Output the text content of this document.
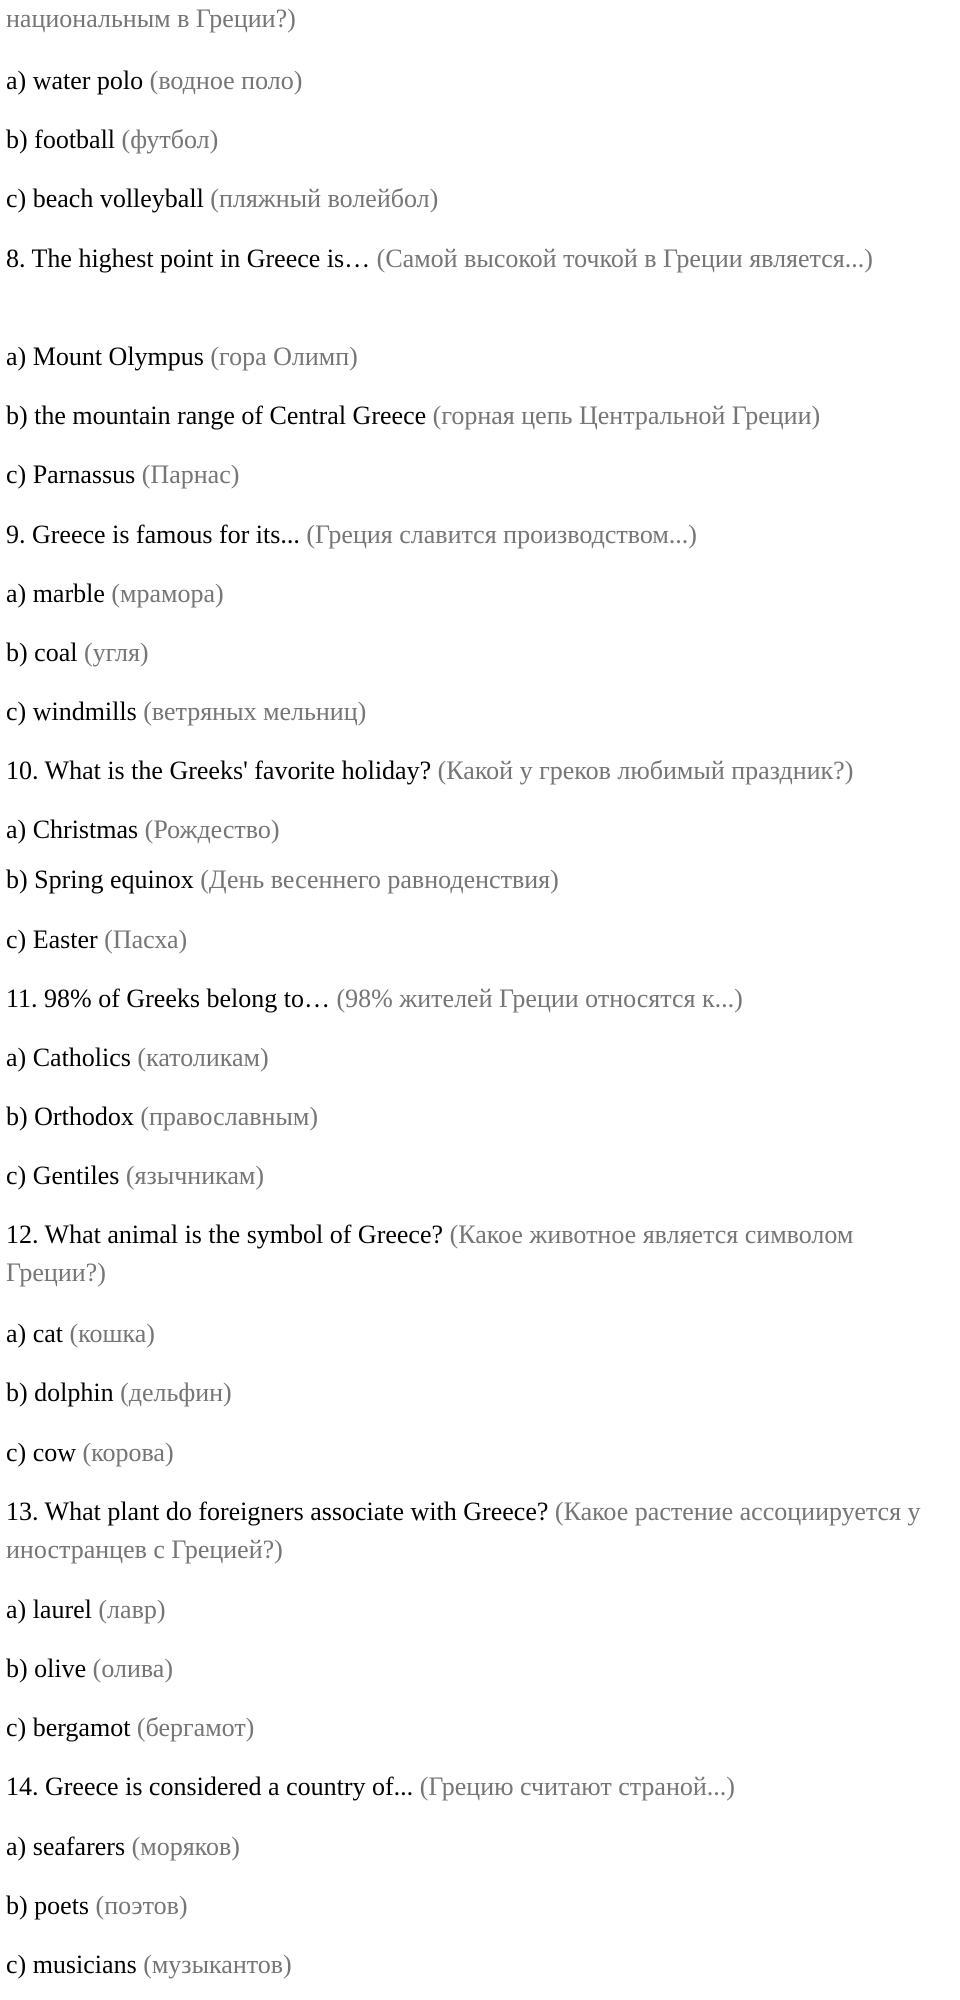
национальным в Греции?)

a) water polo (водное поло)

b) football (футбол)

c) beach volleyball (пляжный волейбол)

8. The highest point in Greece is… (Самой высокой точкой в Греции является...)

a) Mount Olympus (гора Олимп)

b) the mountain range of Central Greece (горная цепь Центральной Греции)

c) Parnassus (Парнас)

9. Greece is famous for its... (Греция славится производством...)

a) marble (мрамора)

b) coal (угля)

c) windmills (ветряных мельниц)

10. What is the Greeks' favorite holiday? (Какой у греков любимый праздник?)

a) Christmas (Рождество)

b) Spring equinox (День весеннего равноденствия)

c) Easter (Пасха)

11. 98% of Greeks belong to… (98% жителей Греции относятся к...)

a) Catholics (католикам)

b) Orthodox (православным)

c) Gentiles (язычникам)

12. What animal is the symbol of Greece? (Какое животное является символом Греции?)

a) cat (кошка)

b) dolphin (дельфин)

c) cow (корова)

13. What plant do foreigners associate with Greece? (Какое растение ассоциируется у иностранцев с Грецией?)

a) laurel (лавр)

b) olive (олива)

c) bergamot (бергамот)

14. Greece is considered a country of... (Грецию считают страной...)

a) seafarers (моряков)

b) poets (поэтов)

c) musicians (музыкантов)
